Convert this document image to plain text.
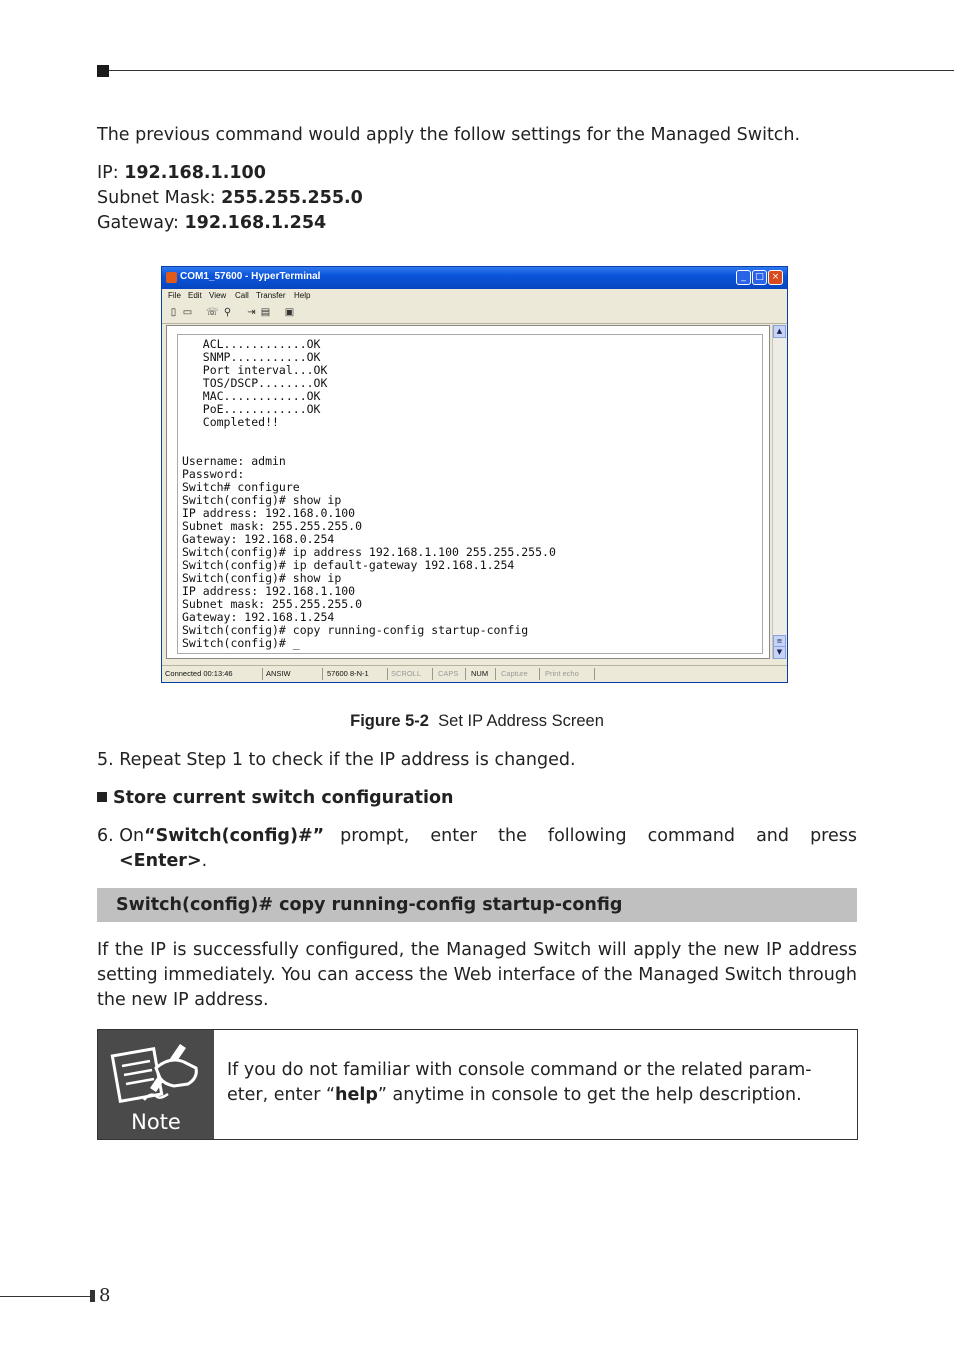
The previous command would apply the follow settings for the Managed Switch.
IP: 192.168.1.100
Subnet Mask: 255.255.255.0
Gateway: 192.168.1.254
COM1_57600 - HyperTerminal	_	□ ×
File Edit View Call Transfer Help
▯ ▭ ☏ ⚲ ⇥ ▤ ▣
ACL............OK
SNMP...........OK
Port interval...OK
TOS/DSCP........OK
MAC............OK
PoE............OK
Completed!!

Username: admin
Password:
Switch# configure
Switch(config)# show ip
IP address: 192.168.0.100
Subnet mask: 255.255.255.0
Gateway: 192.168.0.254
Switch(config)# ip address 192.168.1.100 255.255.255.0
Switch(config)# ip default-gateway 192.168.1.254
Switch(config)# show ip
IP address: 192.168.1.100
Subnet mask: 255.255.255.0
Gateway: 192.168.1.254
Switch(config)# copy running-config startup-config
Switch(config)# _
▲
≡
▼
Connected 00:13:46	ANSIW	57600 8-N-1	SCROLL CAPS NUM Capture Print echo
Figure 5-2 Set IP Address Screen
5. Repeat Step 1 to check if the IP address is changed.
Store current switch configuration
6. On “Switch(config)#” prompt, enter the following command and press
<Enter>.
Switch(config)# copy running-config startup-config
If the IP is successfully configured, the Managed Switch will apply the new IP address setting immediately. You can access the Web interface of the Managed Switch through the new IP address.
Note
If you do not familiar with console command or the related param-eter, enter “help” anytime in console to get the help description.
8
